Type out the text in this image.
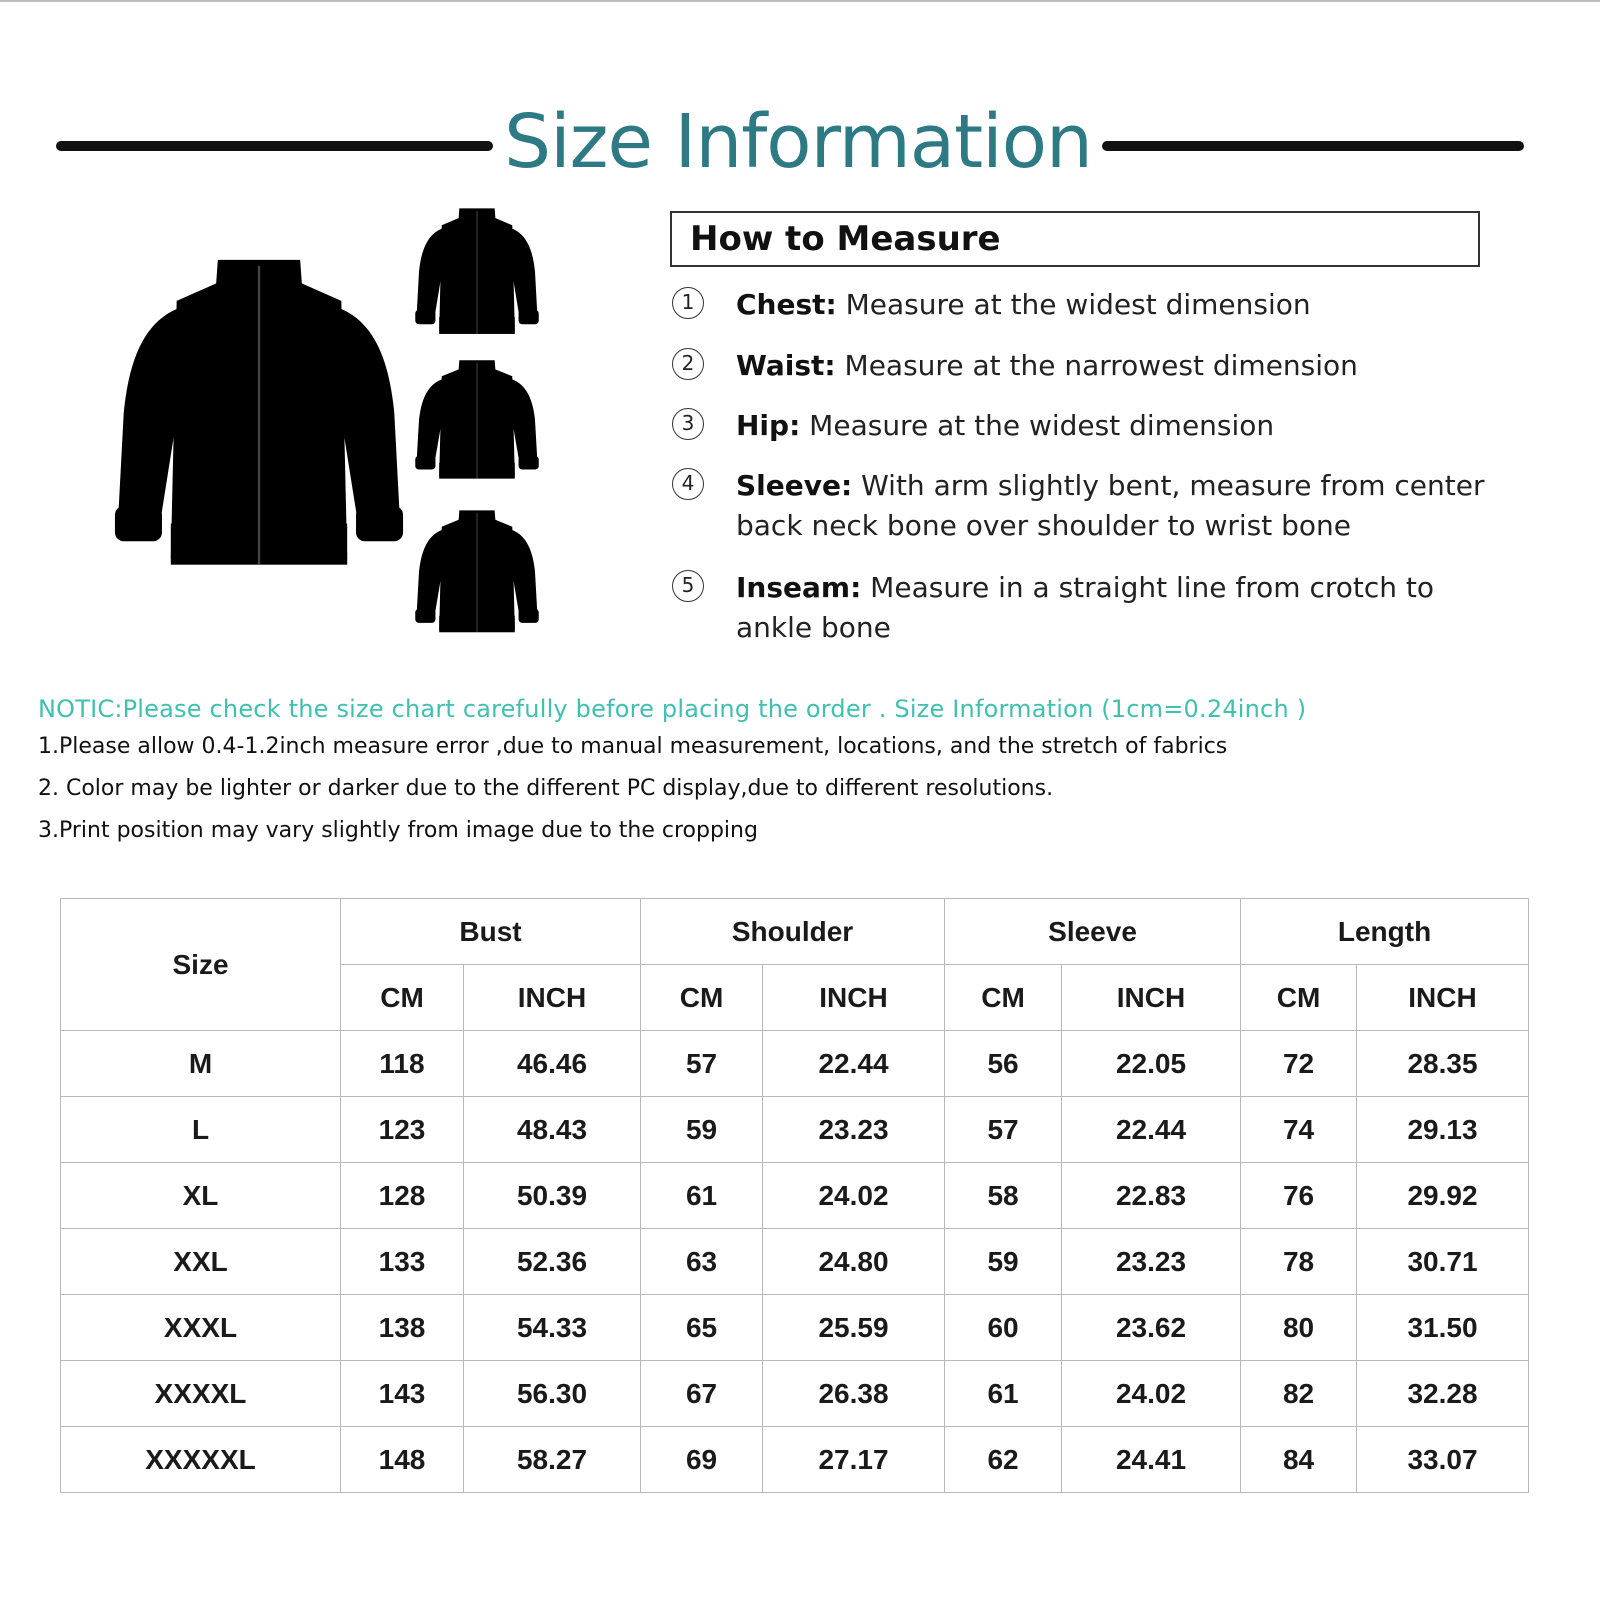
Size Information
How to Measure
1	Chest: Measure at the widest dimension
2	Waist: Measure at the narrowest dimension
3	Hip: Measure at the widest dimension
4	Sleeve: With arm slightly bent, measure from center back neck bone over shoulder to wrist bone
5	Inseam: Measure in a straight line from crotch to ankle bone
NOTIC:Please check the size chart carefully before placing the order . Size Information (1cm=0.24inch )
1.Please allow 0.4-1.2inch measure error ,due to manual measurement, locations, and the stretch of fabrics
2. Color may be lighter or darker due to the different PC display,due to different resolutions.
3.Print position may vary slightly from image due to the cropping
Size	Bust		Shoulder		Sleeve		Length	
	CM	INCH	CM	INCH	CM	INCH	CM	INCH
M	118	46.46	57	22.44	56	22.05	72	28.35
L	123	48.43	59	23.23	57	22.44	74	29.13
XL	128	50.39	61	24.02	58	22.83	76	29.92
XXL	133	52.36	63	24.80	59	23.23	78	30.71
XXXL	138	54.33	65	25.59	60	23.62	80	31.50
XXXXL	143	56.30	67	26.38	61	24.02	82	32.28
XXXXXL	148	58.27	69	27.17	62	24.41	84	33.07
